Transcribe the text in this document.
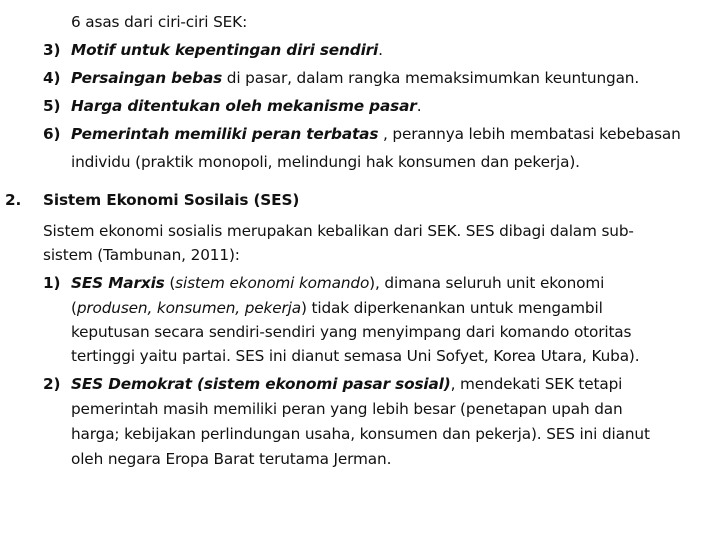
6 asas dari ciri-ciri SEK:
3) Motif untuk kepentingan diri sendiri.
4) Persaingan bebas di pasar, dalam rangka memaksimumkan keuntungan.
5) Harga ditentukan oleh mekanisme pasar.
6) Pemerintah memiliki peran terbatas , perannya lebih membatasi kebebasan
individu (praktik monopoli, melindungi hak konsumen dan pekerja).
2. Sistem Ekonomi Sosilais (SES)
Sistem ekonomi sosialis merupakan kebalikan dari SEK. SES dibagi dalam sub-
sistem (Tambunan, 2011):
1) SES Marxis (sistem ekonomi komando), dimana seluruh unit ekonomi
(produsen, konsumen, pekerja) tidak diperkenankan untuk mengambil
keputusan secara sendiri-sendiri yang menyimpang dari komando otoritas
tertinggi yaitu partai. SES ini dianut semasa Uni Sofyet, Korea Utara, Kuba).
2) SES Demokrat (sistem ekonomi pasar sosial), mendekati SEK tetapi
pemerintah masih memiliki peran yang lebih besar (penetapan upah dan
harga; kebijakan perlindungan usaha, konsumen dan pekerja). SES ini dianut
oleh negara Eropa Barat terutama Jerman.
